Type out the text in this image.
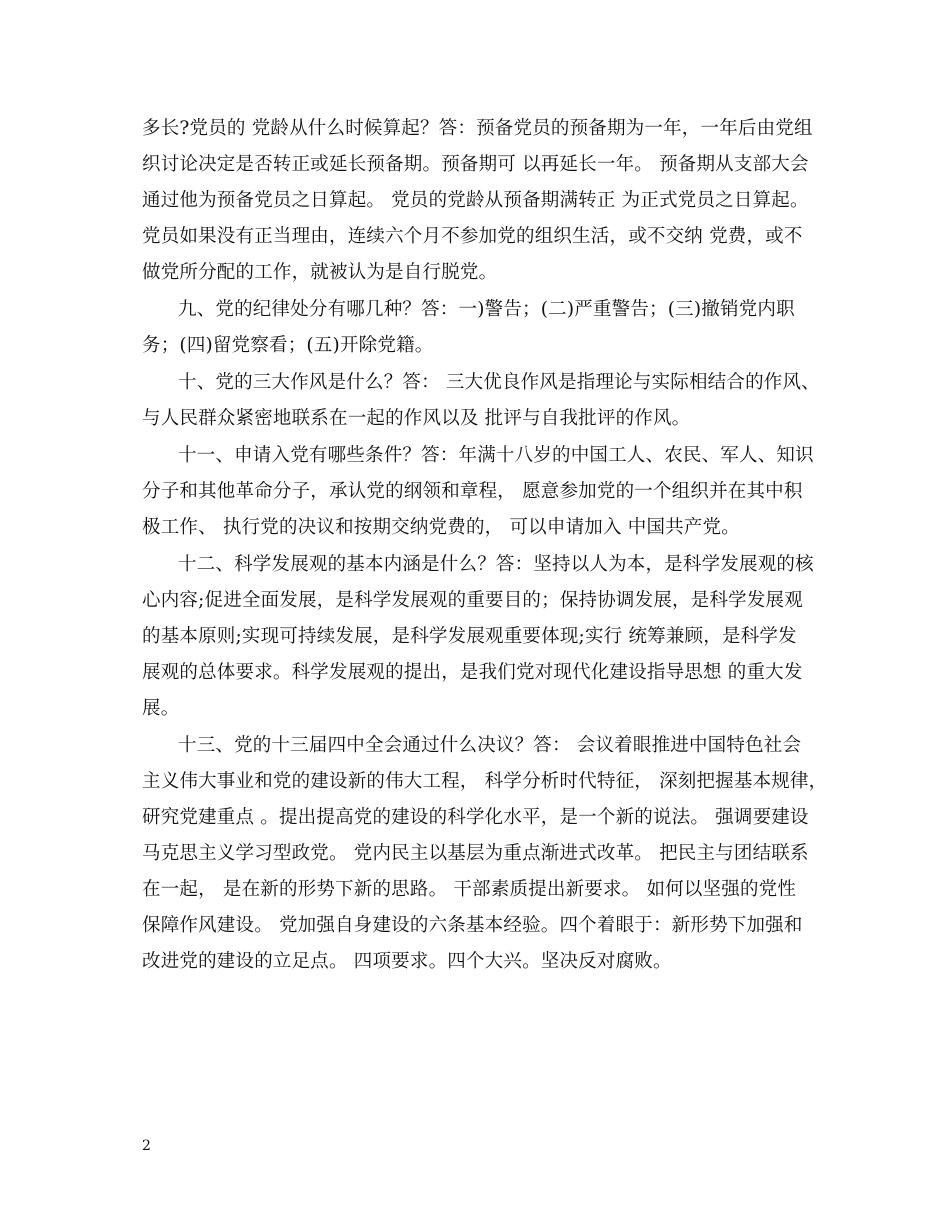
多长?党员的 党龄从什么时候算起？答：预备党员的预备期为一年，一年后由党组
织讨论决定是否转正或延长预备期。预备期可 以再延长一年。 预备期从支部大会
通过他为预备党员之日算起。 党员的党龄从预备期满转正 为正式党员之日算起。
党员如果没有正当理由，连续六个月不参加党的组织生活，或不交纳 党费，或不
做党所分配的工作，就被认为是自行脱党。
九、党的纪律处分有哪几种？答：一)警告；(二)严重警告；(三)撤销党内职
务；(四)留党察看；(五)开除党籍。
十、党的三大作风是什么？答： 三大优良作风是指理论与实际相结合的作风、
与人民群众紧密地联系在一起的作风以及 批评与自我批评的作风。
十一、申请入党有哪些条件？答：年满十八岁的中国工人、农民、军人、知识
分子和其他革命分子，承认党的纲领和章程， 愿意参加党的一个组织并在其中积
极工作、 执行党的决议和按期交纳党费的， 可以申请加入 中国共产党。
十二、科学发展观的基本内涵是什么？答：坚持以人为本，是科学发展观的核
心内容;促进全面发展，是科学发展观的重要目的；保持协调发展，是科学发展观
的基本原则;实现可持续发展，是科学发展观重要体现;实行 统筹兼顾，是科学发
展观的总体要求。科学发展观的提出，是我们党对现代化建设指导思想 的重大发
展。
十三、党的十三届四中全会通过什么决议？答： 会议着眼推进中国特色社会
主义伟大事业和党的建设新的伟大工程， 科学分析时代特征， 深刻把握基本规律，
研究党建重点 。提出提高党的建设的科学化水平，是一个新的说法。 强调要建设
马克思主义学习型政党。 党内民主以基层为重点渐进式改革。 把民主与团结联系
在一起， 是在新的形势下新的思路。 干部素质提出新要求。 如何以坚强的党性
保障作风建设。 党加强自身建设的六条基本经验。四个着眼于：新形势下加强和
改进党的建设的立足点。 四项要求。四个大兴。坚决反对腐败。
2
